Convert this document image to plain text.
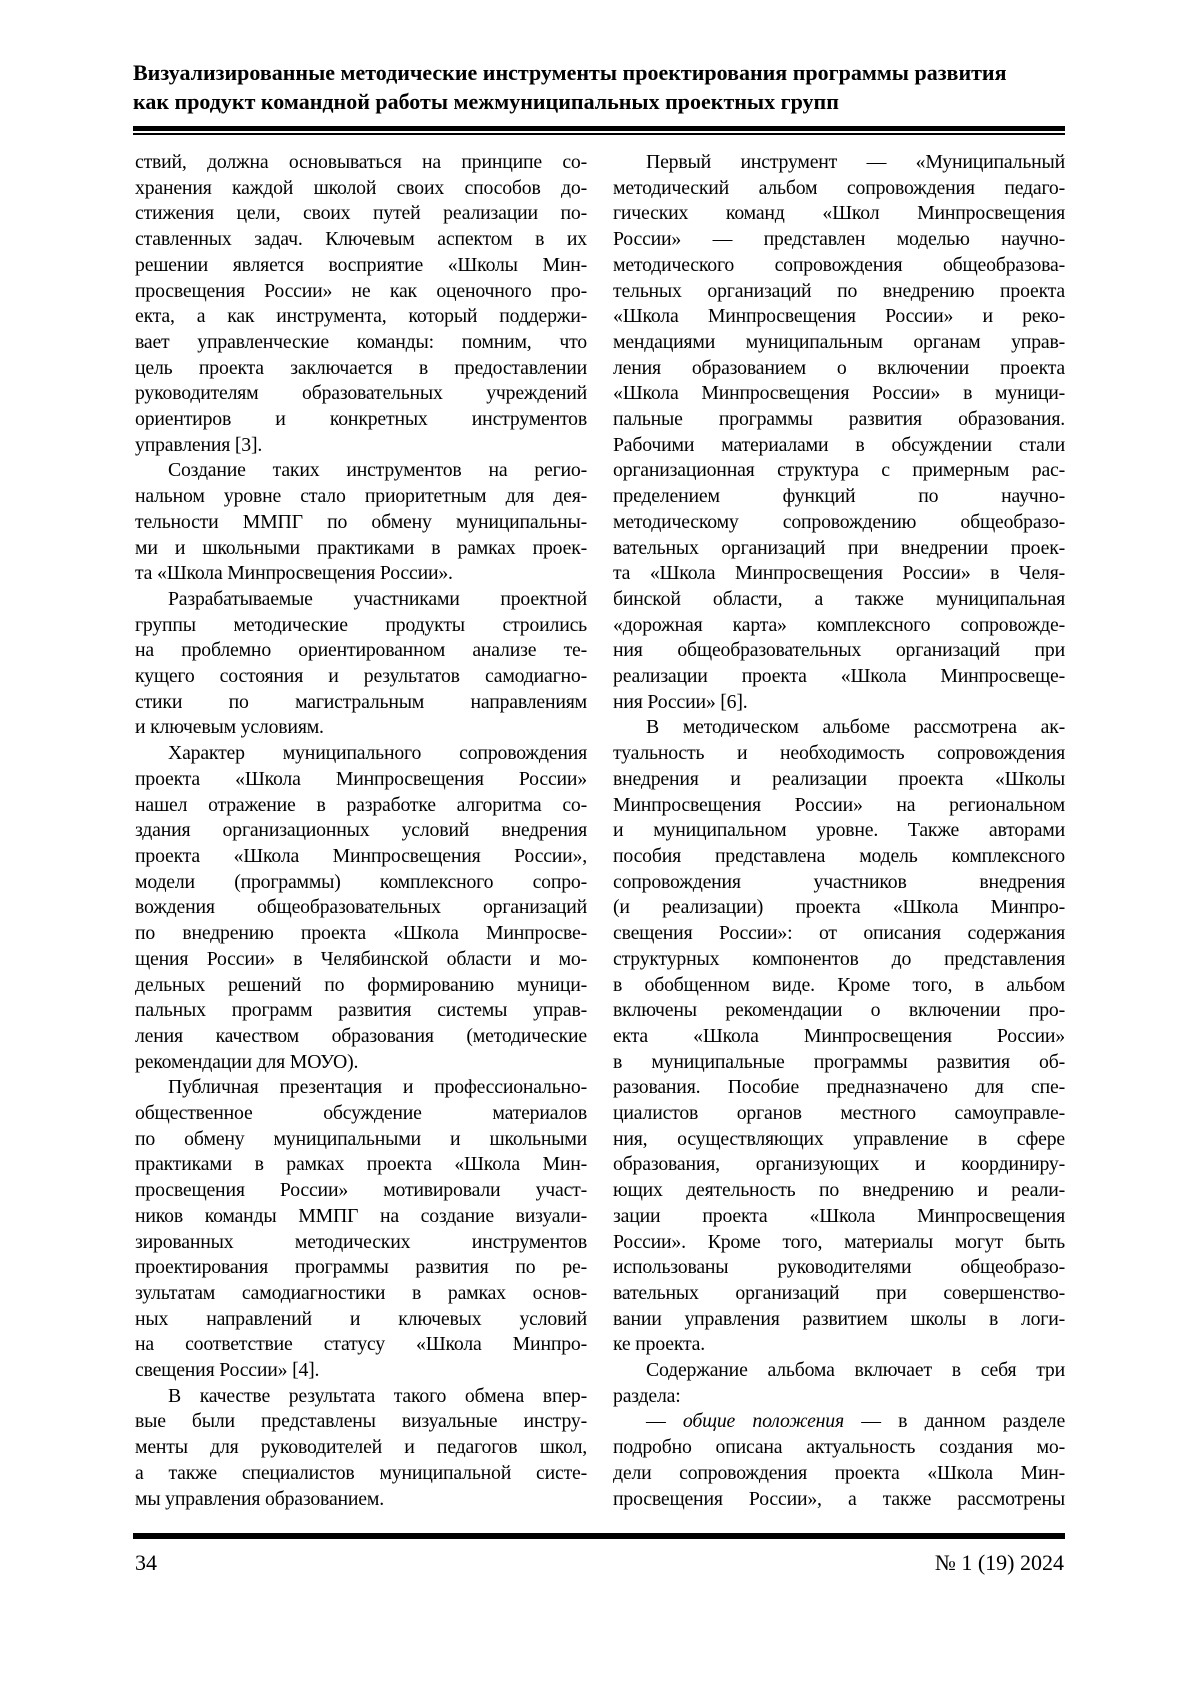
Визуализированные методические инструменты проектирования программы развития как продукт командной работы межмуниципальных проектных групп

ствий, должна основываться на принципе со-
хранения каждой школой своих способов до-
стижения цели, своих путей реализации по-
ставленных задач. Ключевым аспектом в их
решении является восприятие «Школы Мин-
просвещения России» не как оценочного про-
екта, а как инструмента, который поддержи-
вает управленческие команды: помним, что
цель проекта заключается в предоставлении
руководителям образовательных учреждений
ориентиров и конкретных инструментов
управления [3].

Создание таких инструментов на регио-
нальном уровне стало приоритетным для дея-
тельности ММПГ по обмену муниципальны-
ми и школьными практиками в рамках проек-
та «Школа Минпросвещения России».

Разрабатываемые участниками проектной
группы методические продукты строились
на проблемно ориентированном анализе те-
кущего состояния и результатов самодиагно-
стики по магистральным направлениям
и ключевым условиям.

Характер муниципального сопровождения
проекта «Школа Минпросвещения России»
нашел отражение в разработке алгоритма со-
здания организационных условий внедрения
проекта «Школа Минпросвещения России»,
модели (программы) комплексного сопро-
вождения общеобразовательных организаций
по внедрению проекта «Школа Минпросве-
щения России» в Челябинской области и мо-
дельных решений по формированию муници-
пальных программ развития системы управ-
ления качеством образования (методические
рекомендации для МОУО).

Публичная презентация и профессионально-
общественное обсуждение материалов
по обмену муниципальными и школьными
практиками в рамках проекта «Школа Мин-
просвещения России» мотивировали участ-
ников команды ММПГ на создание визуали-
зированных методических инструментов
проектирования программы развития по ре-
зультатам самодиагностики в рамках основ-
ных направлений и ключевых условий
на соответствие статусу «Школа Минпро-
свещения России» [4].

В качестве результата такого обмена впер-
вые были представлены визуальные инстру-
менты для руководителей и педагогов школ,
а также специалистов муниципальной систе-
мы управления образованием.

Первый инструмент — «Муниципальный
методический альбом сопровождения педаго-
гических команд «Школ Минпросвещения
России» — представлен моделью научно-
методического сопровождения общеобразова-
тельных организаций по внедрению проекта
«Школа Минпросвещения России» и реко-
мендациями муниципальным органам управ-
ления образованием о включении проекта
«Школа Минпросвещения России» в муници-
пальные программы развития образования.
Рабочими материалами в обсуждении стали
организационная структура с примерным рас-
пределением функций по научно-
методическому сопровождению общеобразо-
вательных организаций при внедрении проек-
та «Школа Минпросвещения России» в Челя-
бинской области, а также муниципальная
«дорожная карта» комплексного сопровожде-
ния общеобразовательных организаций при
реализации проекта «Школа Минпросвеще-
ния России» [6].

В методическом альбоме рассмотрена ак-
туальность и необходимость сопровождения
внедрения и реализации проекта «Школы
Минпросвещения России» на региональном
и муниципальном уровне. Также авторами
пособия представлена модель комплексного
сопровождения участников внедрения
(и реализации) проекта «Школа Минпро-
свещения России»: от описания содержания
структурных компонентов до представления
в обобщенном виде. Кроме того, в альбом
включены рекомендации о включении про-
екта «Школа Минпросвещения России»
в муниципальные программы развития об-
разования. Пособие предназначено для спе-
циалистов органов местного самоуправле-
ния, осуществляющих управление в сфере
образования, организующих и координиру-
ющих деятельность по внедрению и реали-
зации проекта «Школа Минпросвещения
России». Кроме того, материалы могут быть
использованы руководителями общеобразо-
вательных организаций при совершенство-
вании управления развитием школы в логи-
ке проекта.

Содержание альбома включает в себя три
раздела:

— общие положения — в данном разделе
подробно описана актуальность создания мо-
дели сопровождения проекта «Школа Мин-
просвещения России», а также рассмотрены

34	№ 1 (19) 2024
